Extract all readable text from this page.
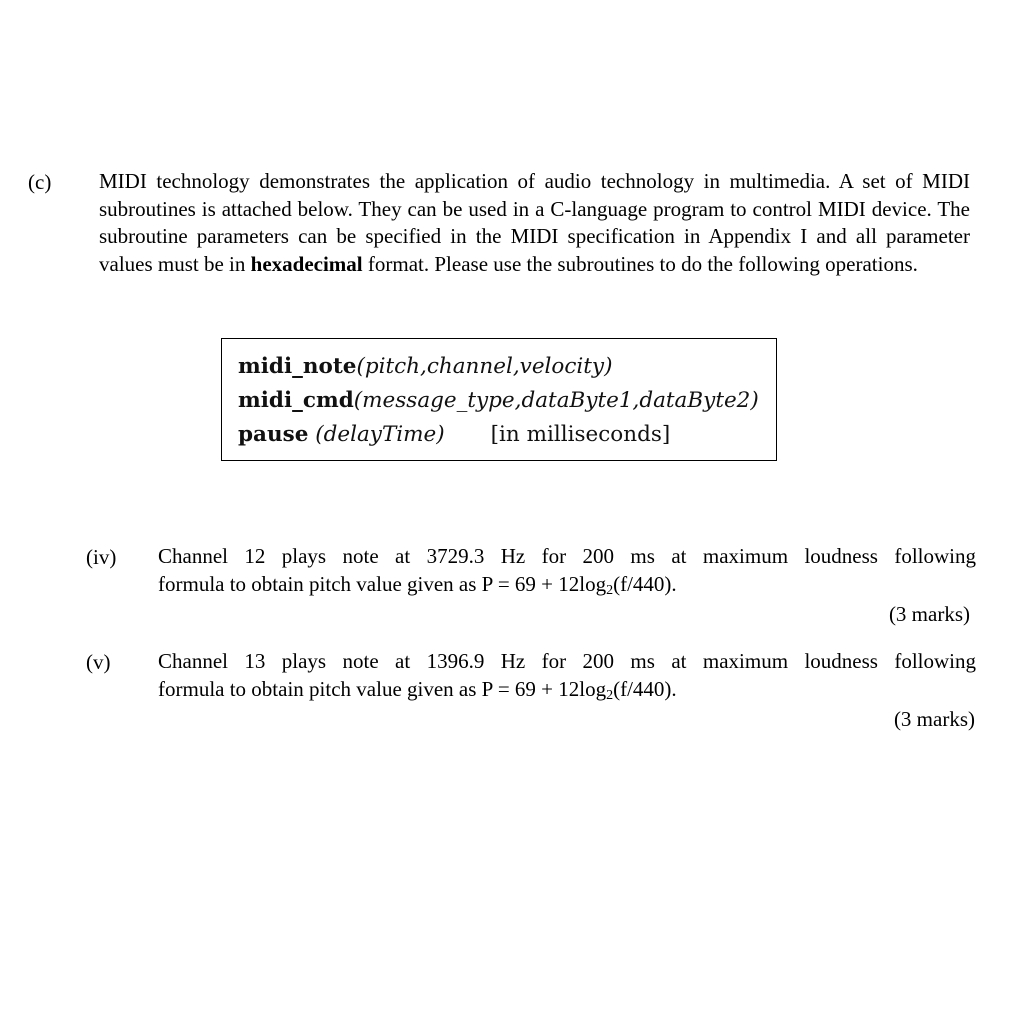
(c) MIDI technology demonstrates the application of audio technology in multimedia. A set of MIDI subroutines is attached below. They can be used in a C-language program to control MIDI device. The subroutine parameters can be specified in the MIDI specification in Appendix I and all parameter values must be in hexadecimal format. Please use the subroutines to do the following operations.
midi_note(pitch,channel,velocity)
midi_cmd(message_type,dataByte1,dataByte2)
pause (delayTime) [in milliseconds]
(iv) Channel 12 plays note at 3729.3 Hz for 200 ms at maximum loudness following
formula to obtain pitch value given as $P = 69 + 12\log_2(f/440)$.
(3 marks)
(v) Channel 13 plays note at 1396.9 Hz for 200 ms at maximum loudness following
formula to obtain pitch value given as $P = 69 + 12\log_2(f/440)$.
(3 marks)
